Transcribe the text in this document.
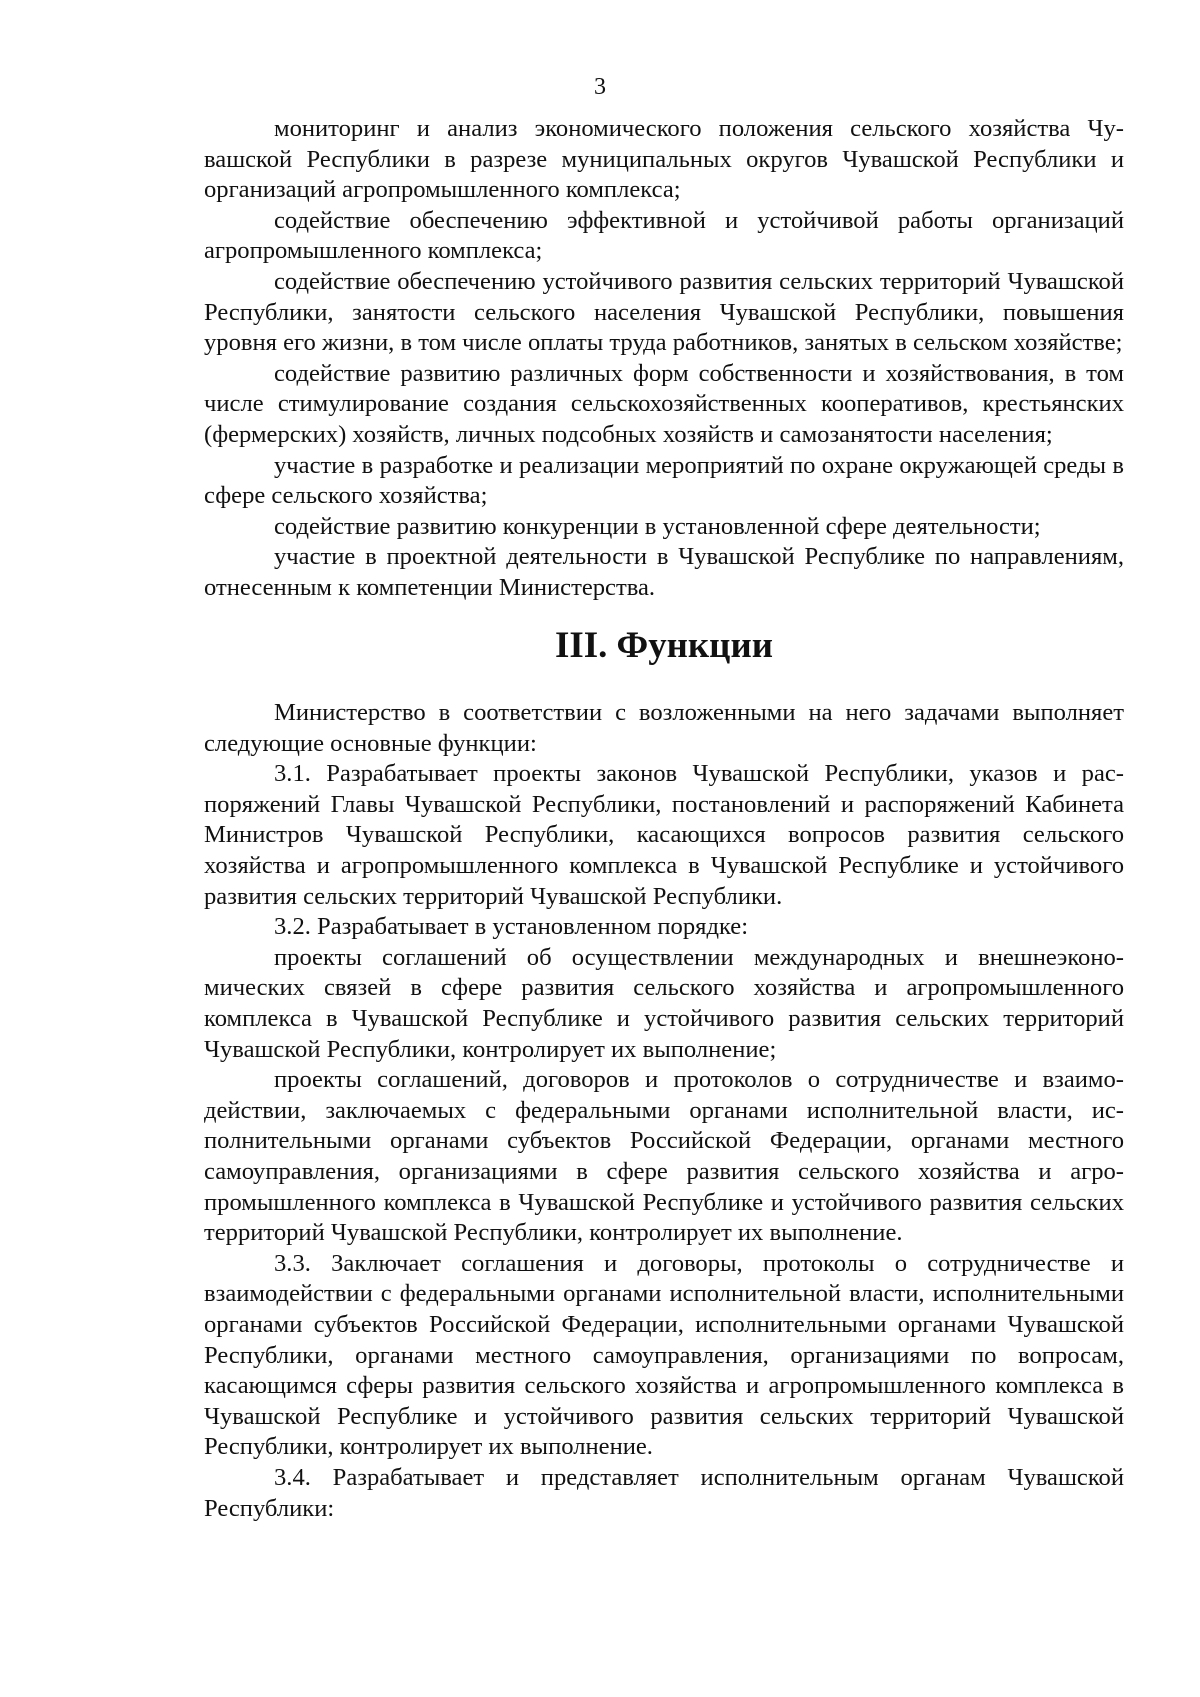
3

мониторинг и анализ экономического положения сельского хозяйства Чувашской Республики в разрезе муниципальных округов Чувашской Республики и организаций агропромышленного комплекса;

содействие обеспечению эффективной и устойчивой работы организаций агропромышленного комплекса;

содействие обеспечению устойчивого развития сельских территорий Чувашской Республики, занятости сельского населения Чувашской Республики, повышения уровня его жизни, в том числе оплаты труда работников, занятых в сельском хозяйстве;

содействие развитию различных форм собственности и хозяйствования, в том числе стимулирование создания сельскохозяйственных кооперативов, крестьянских (фермерских) хозяйств, личных подсобных хозяйств и самозанятости населения;

участие в разработке и реализации мероприятий по охране окружающей среды в сфере сельского хозяйства;

содействие развитию конкуренции в установленной сфере деятельности;

участие в проектной деятельности в Чувашской Республике по направлениям, отнесенным к компетенции Министерства.

III. Функции

Министерство в соответствии с возложенными на него задачами выполняет следующие основные функции:

3.1. Разрабатывает проекты законов Чувашской Республики, указов и распоряжений Главы Чувашской Республики, постановлений и распоряжений Кабинета Министров Чувашской Республики, касающихся вопросов развития сельского хозяйства и агропромышленного комплекса в Чувашской Республике и устойчивого развития сельских территорий Чувашской Республики.

3.2. Разрабатывает в установленном порядке:

проекты соглашений об осуществлении международных и внешнеэкономических связей в сфере развития сельского хозяйства и агропромышленного комплекса в Чувашской Республике и устойчивого развития сельских территорий Чувашской Республики, контролирует их выполнение;

проекты соглашений, договоров и протоколов о сотрудничестве и взаимодействии, заключаемых с федеральными органами исполнительной власти, исполнительными органами субъектов Российской Федерации, органами местного самоуправления, организациями в сфере развития сельского хозяйства и агропромышленного комплекса в Чувашской Республике и устойчивого развития сельских территорий Чувашской Республики, контролирует их выполнение.

3.3. Заключает соглашения и договоры, протоколы о сотрудничестве и взаимодействии с федеральными органами исполнительной власти, исполнительными органами субъектов Российской Федерации, исполнительными органами Чувашской Республики, органами местного самоуправления, организациями по вопросам, касающимся сферы развития сельского хозяйства и агропромышленного комплекса в Чувашской Республике и устойчивого развития сельских территорий Чувашской Республики, контролирует их выполнение.

3.4. Разрабатывает и представляет исполнительным органам Чувашской Республики:
